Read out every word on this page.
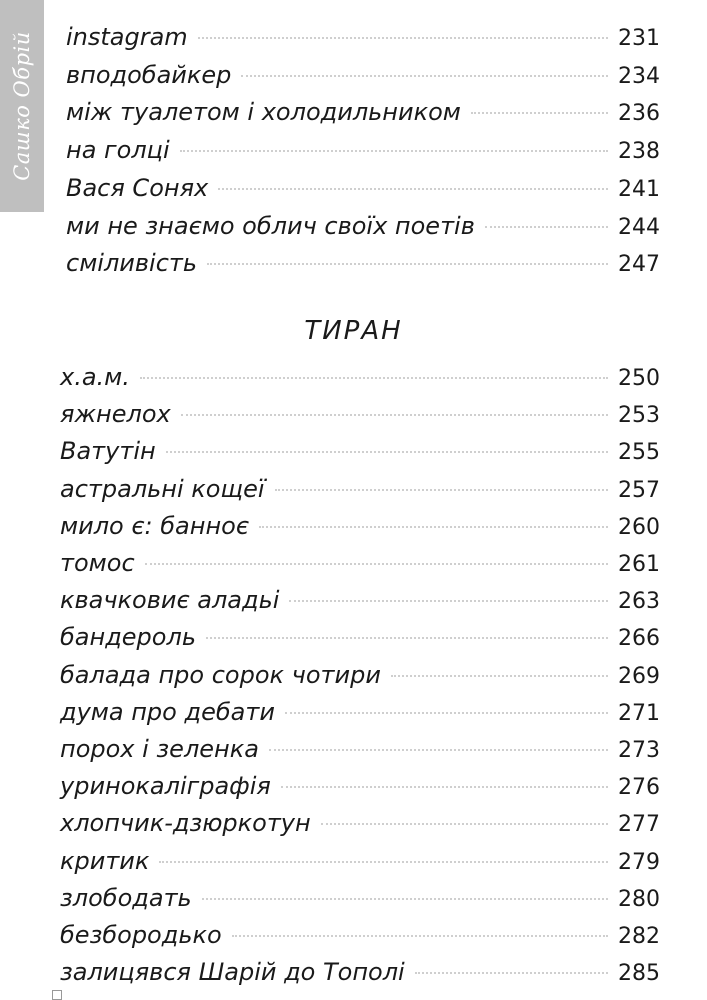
Сашко Обрій instagram	231
вподобайкер	234
між туалетом і холодильником	236
на голці	238
Вася Соняx	241
ми не знаємо облич своїх поетів	244
сміливість	247
ТИРАН
х.а.м.	250
яжнелох	253
Ватутін	255
астральні кощеї	257
мило є: банноє	260
томос	261
квачковиє аладьі	263
бандероль	266
балада про сорок чотири	269
дума про дебати	271
порох і зеленка	273
уринокаліграфія	276
хлопчик-дзюркотун	277
критик	279
злободать	280
безбородько	282
залицявся Шарій до Тополі	285
